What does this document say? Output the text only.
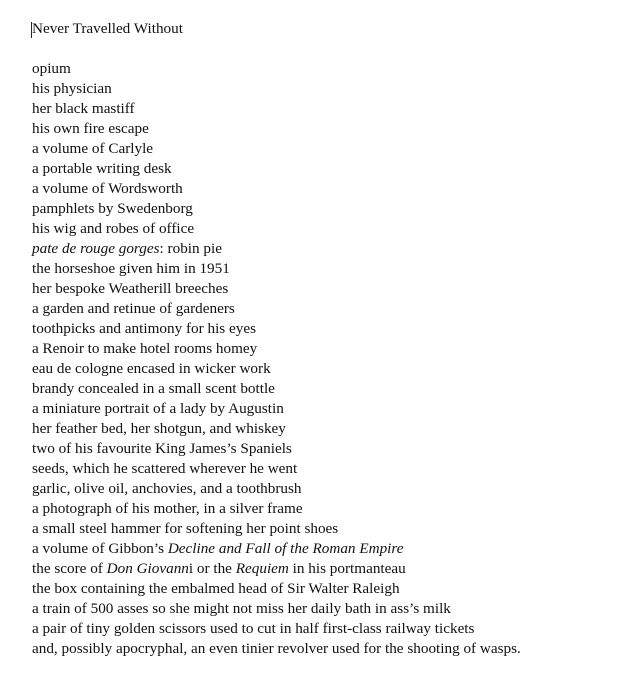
Never Travelled Without
opium
his physician
her black mastiff
his own fire escape
a volume of Carlyle
a portable writing desk
a volume of Wordsworth
pamphlets by Swedenborg
his wig and robes of office
pate de rouge gorges: robin pie
the horseshoe given him in 1951
her bespoke Weatherill breeches
a garden and retinue of gardeners
toothpicks and antimony for his eyes
a Renoir to make hotel rooms homey
eau de cologne encased in wicker work
brandy concealed in a small scent bottle
a miniature portrait of a lady by Augustin
her feather bed, her shotgun, and whiskey
two of his favourite King James’s Spaniels
seeds, which he scattered wherever he went
garlic, olive oil, anchovies, and a toothbrush
a photograph of his mother, in a silver frame
a small steel hammer for softening her point shoes
a volume of Gibbon’s Decline and Fall of the Roman Empire
the score of Don Giovanni or the Requiem in his portmanteau
the box containing the embalmed head of Sir Walter Raleigh
a train of 500 asses so she might not miss her daily bath in ass’s milk
a pair of tiny golden scissors used to cut in half first-class railway tickets
and, possibly apocryphal, an even tinier revolver used for the shooting of wasps.
